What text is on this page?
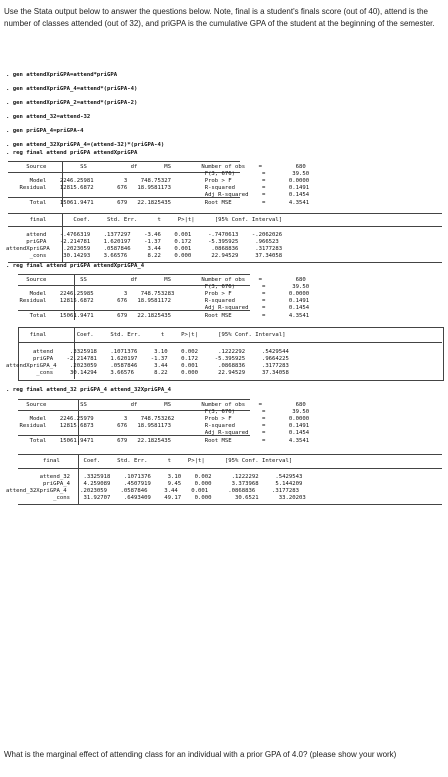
Use the Stata output below to answer the questions below. Note, final is a student's finals score (out of 40), attend is the number of classes attended (out of 32), and priGPA is the cumulative GPA of the student at the beginning of the semester.
. gen attendXpriGPA=attend*priGPA
. gen attendXpriGPA_4=attend*(priGPA-4)
. gen attendXpriGPA_2=attend*(priGPA-2)
. gen attend_32=attend-32
. gen priGPA_4=priGPA-4
. gen attend_32XpriGPA_4=(attend-32)*(priGPA-4)
. reg final attend priGPA attendXpriGPA
Source          SS             df        MS         Number of obs    =          680
F(3, 676)        =        39.50
Model    2246.25981         3    748.75327          Prob > F         =       0.0000
Residual    12815.6872       676   18.9581173          R-squared        =       0.1491
Adj R-squared    =       0.1454
Total    15061.9471       679   22.1825435          Root MSE         =       4.3541
final        Coef.     Std. Err.      t     P>|t|      [95% Conf. Interval]
attend    -.4766319    .1377297    -3.46    0.001     -.7470613    -.2062026
priGPA    -2.214781    1.620197    -1.37    0.172     -5.395925     .966523
attendXpriGPA    .2023059    .0587846     3.44    0.001      .0868836     .3177283
_cons     30.14293    3.66576      8.22    0.000      22.94529     37.34058
. reg final attend priGPA attendXpriGPA_4
Source          SS             df        MS         Number of obs    =          680
F(3, 676)        =        39.50
Model    2246.25985         3    748.753283         Prob > F         =       0.0000
Residual    12815.6872       676   18.9581172          R-squared        =       0.1491
Adj R-squared    =       0.1454
Total    15061.9471       679   22.1825435          Root MSE         =       4.3541
final         Coef.     Std. Err.      t     P>|t|      [95% Conf. Interval]
attend     .3325918    .1071376     3.10    0.002      .1222292     .5429544
priGPA    -2.214781    1.620197    -1.37    0.172     -5.395925     .9664225
attendXpriGPA_4    .2023059    .0587846     3.44    0.001      .0868836     .3177283
_cons     30.14294    3.66576      8.22    0.000      22.94529     37.34058
. reg final attend_32 priGPA_4 attend_32XpriGPA_4
Source          SS             df        MS         Number of obs    =          680
F(3, 676)        =        39.50
Model    2246.25979         3    748.753262         Prob > F         =       0.0000
Residual    12815.6873       676   18.9581173          R-squared        =       0.1491
Adj R-squared    =       0.1454
Total    15061.9471       679   22.1825435          Root MSE         =       4.3541
final       Coef.     Std. Err.      t     P>|t|      [95% Conf. Interval]
attend_32    .3325918    .1071376     3.10    0.002      .1222292     .5429543
priGPA_4    4.259089    .4507919     9.45    0.000      3.373968     5.144209
attend_32XpriGPA_4    .2023059    .0587846     3.44    0.001      .0868836     .3177283
_cons    31.92707    .6493409    49.17    0.000       30.6521      33.20203
What is the marginal effect of attending class for an individual with a prior GPA of 4.0? (please show your work)
